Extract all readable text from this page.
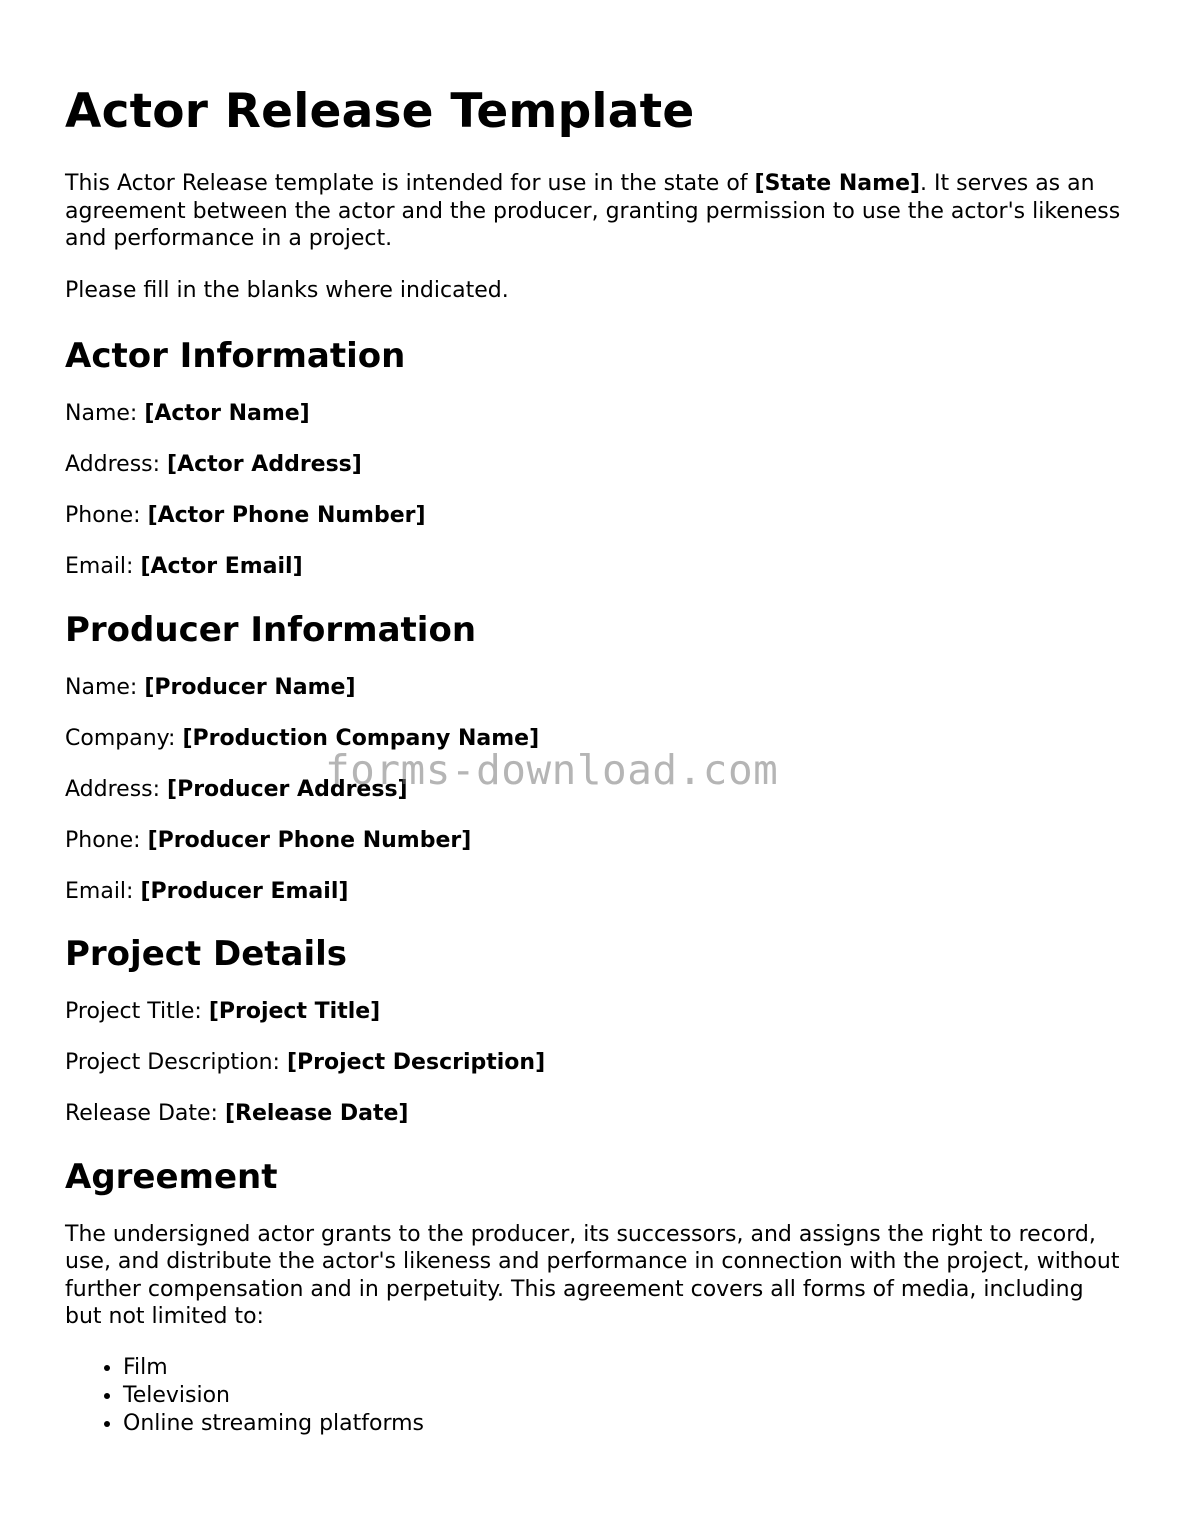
Actor Release Template

This Actor Release template is intended for use in the state of [State Name]. It serves as an agreement between the actor and the producer, granting permission to use the actor's likeness and performance in a project.

Please fill in the blanks where indicated.

Actor Information

Name: [Actor Name]

Address: [Actor Address]

Phone: [Actor Phone Number]

Email: [Actor Email]

Producer Information

Name: [Producer Name]

Company: [Production Company Name]

Address: [Producer Address]

Phone: [Producer Phone Number]

Email: [Producer Email]

Project Details

Project Title: [Project Title]

Project Description: [Project Description]

Release Date: [Release Date]

Agreement

The undersigned actor grants to the producer, its successors, and assigns the right to record, use, and distribute the actor's likeness and performance in connection with the project, without further compensation and in perpetuity. This agreement covers all forms of media, including but not limited to:

• Film
• Television
• Online streaming platforms
forms-download.com
